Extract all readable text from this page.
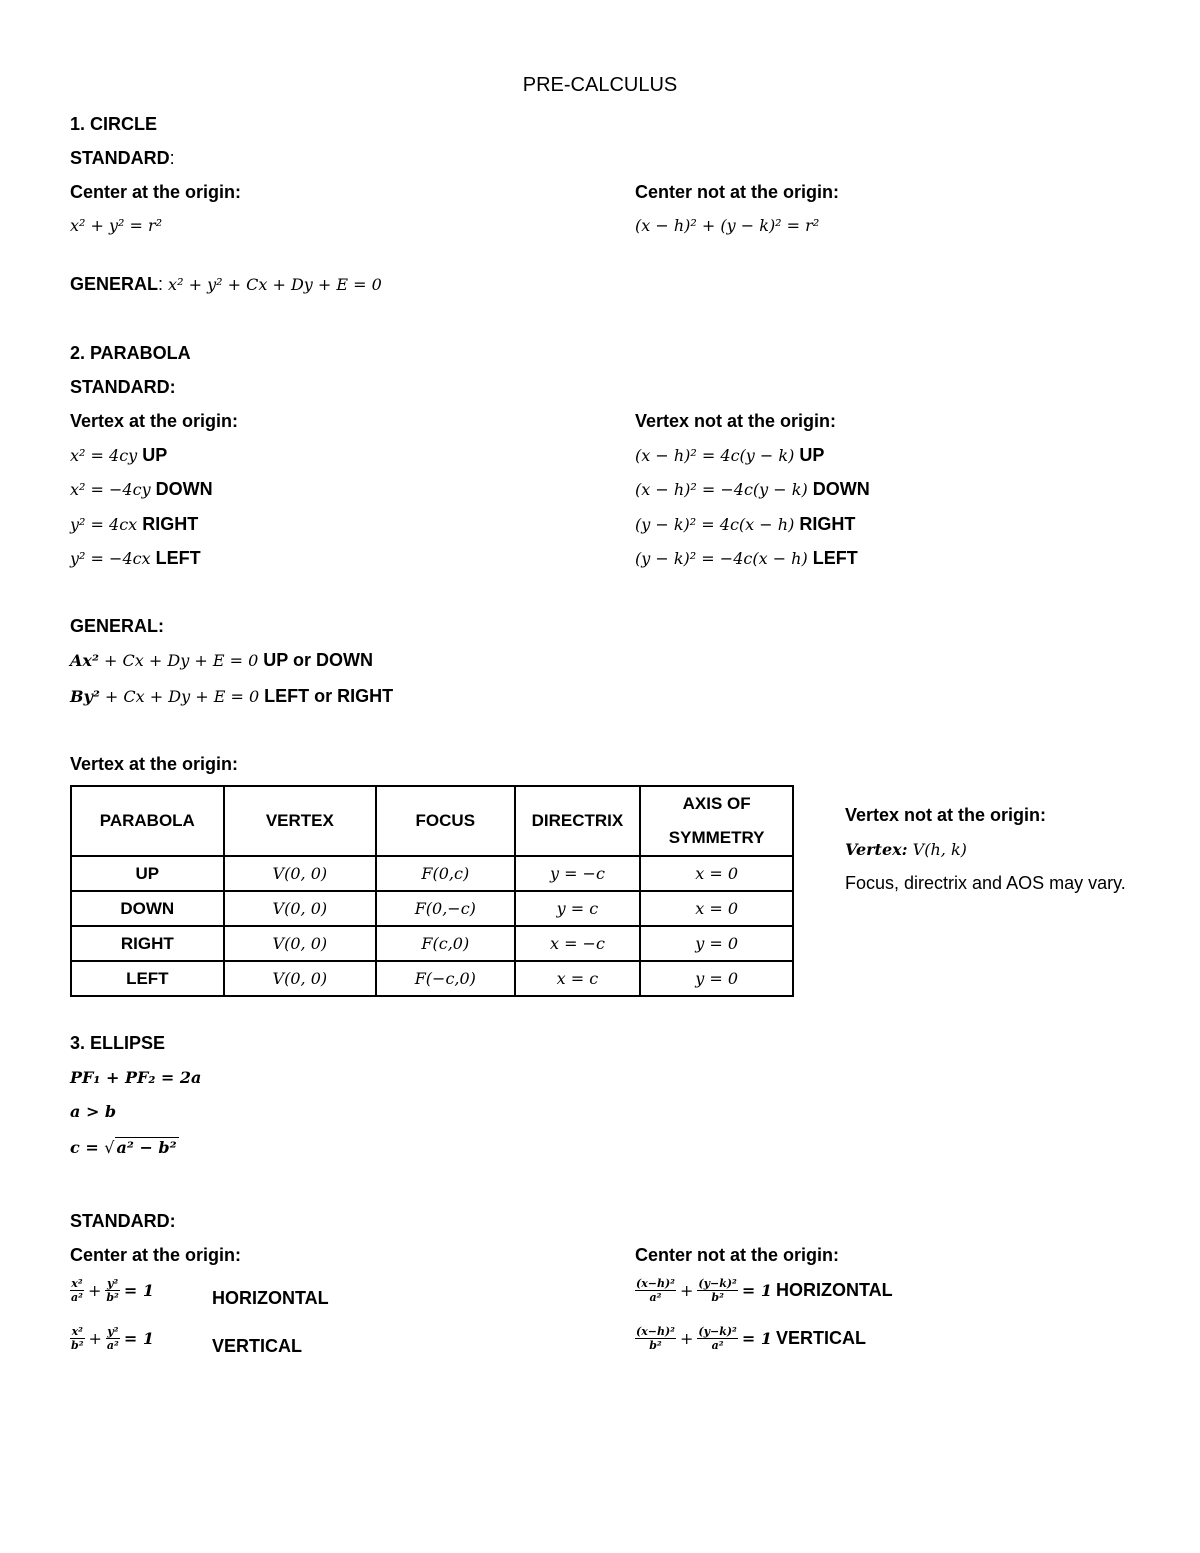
PRE-CALCULUS
1. CIRCLE
STANDARD:
Center at the origin:	Center not at the origin:
x² + y² = r²	(x − h)² + (y − k)² = r²
GENERAL: x² + y² + Cx + Dy + E = 0
2. PARABOLA
STANDARD:
Vertex at the origin:	Vertex not at the origin:
x² = 4cy UP
x² = −4cy DOWN
y² = 4cx RIGHT
y² = −4cx LEFT
(x − h)² = 4c(y − k) UP
(x − h)² = −4c(y − k) DOWN
(y − k)² = 4c(x − h) RIGHT
(y − k)² = −4c(x − h) LEFT
GENERAL:
Ax² + Cx + Dy + E = 0 UP or DOWN
By² + Cx + Dy + E = 0 LEFT or RIGHT
Vertex at the origin:
PARABOLA	VERTEX	FOCUS	DIRECTRIX	AXIS OF
SYMMETRY
UP	V(0, 0)	F(0,c)	y = −c	x = 0
DOWN	V(0, 0)	F(0,−c)	y = c	x = 0
RIGHT	V(0, 0)	F(c,0)	x = −c	y = 0
LEFT	V(0, 0)	F(−c,0)	x = c	y = 0
Vertex not at the origin:
Vertex: V(h, k)
Focus, directrix and AOS may vary.
3. ELLIPSE
PF₁ + PF₂ = 2a
a > b
c = √ a² − b²
STANDARD:
Center at the origin:	Center not at the origin:
$\frac{\text{x²}}{\text{a²}} + \frac{\text{y²}}{\text{b²}} = 1$	HORIZONTAL
$\frac{\text{x²}}{\text{b²}} + \frac{\text{y²}}{\text{a²}} = 1$	VERTICAL
$\frac{\text{(x−h)²}}{\text{a²}} + \frac{\text{(y−k)²}}{\text{b²}} = 1$ HORIZONTAL
$\frac{\text{(x−h)²}}{\text{b²}} + \frac{\text{(y−k)²}}{\text{a²}} = 1$ VERTICAL
